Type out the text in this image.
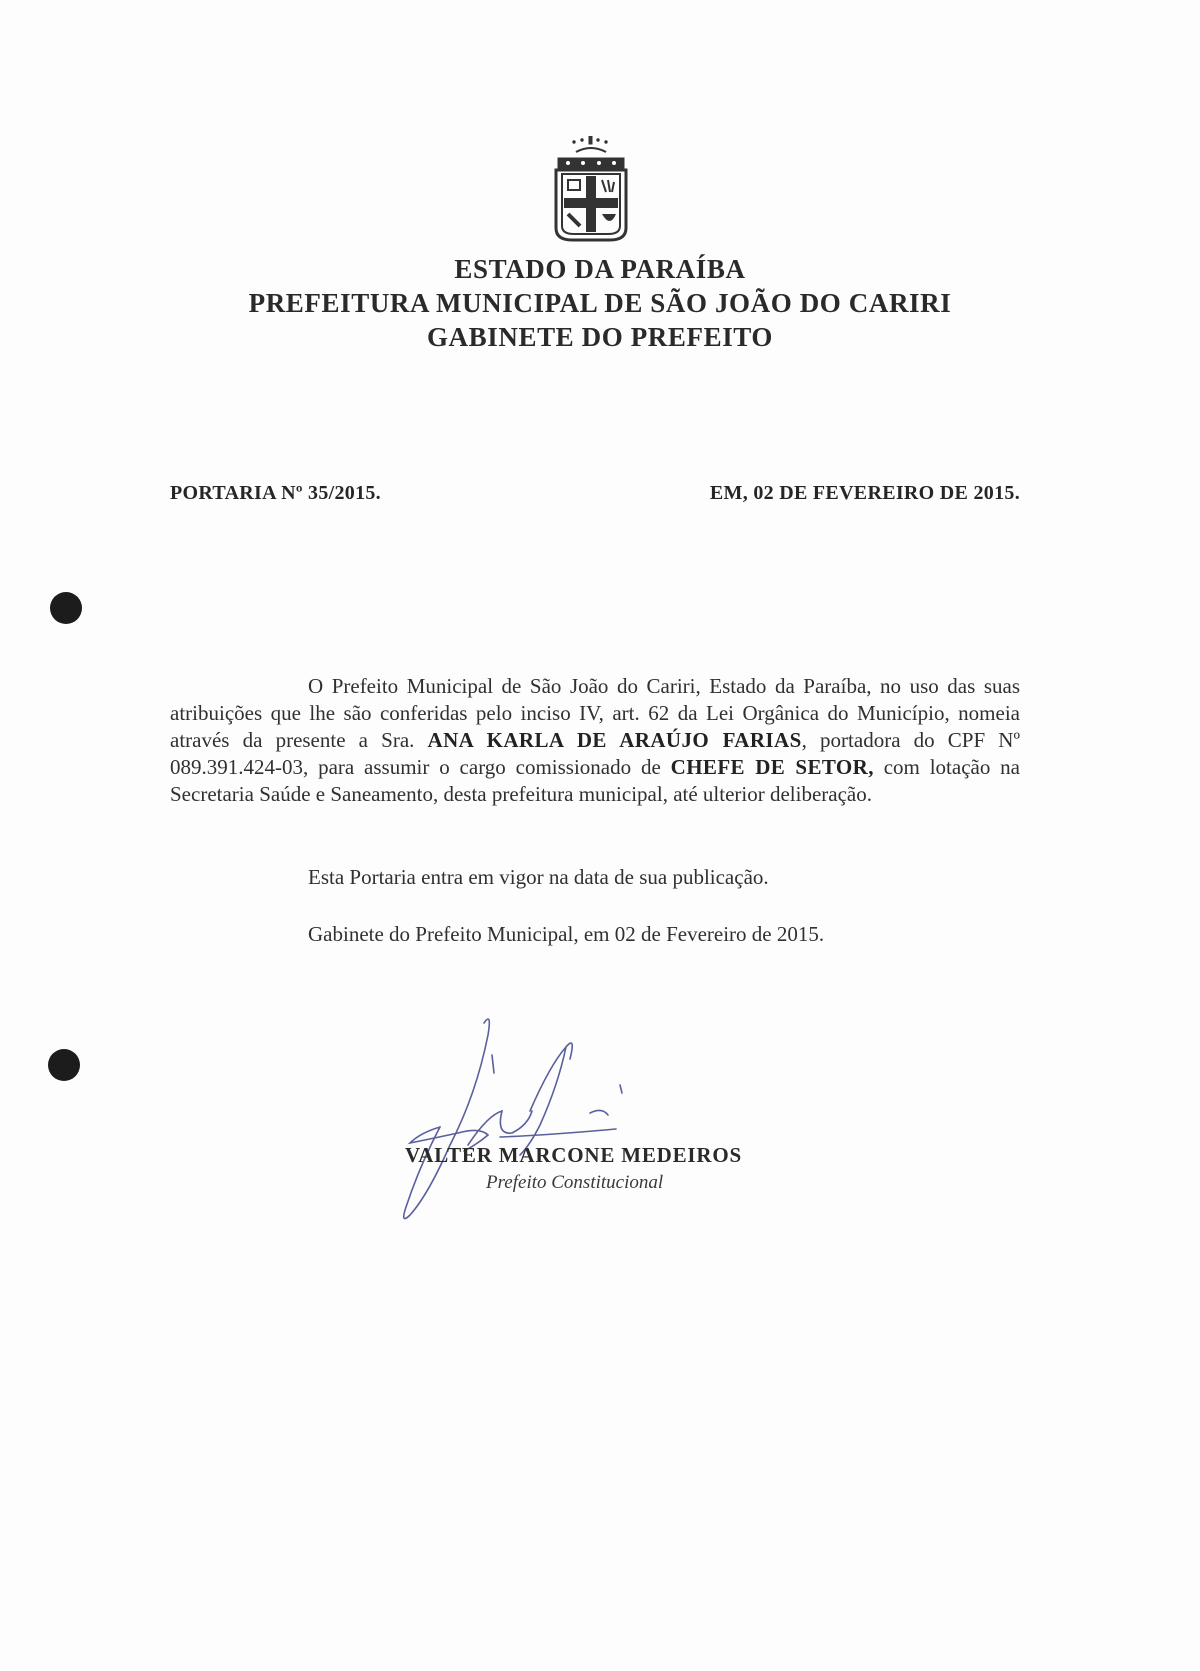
ESTADO DA PARAÍBA
PREFEITURA MUNICIPAL DE SÃO JOÃO DO CARIRI
GABINETE DO PREFEITO
PORTARIA Nº 35/2015.	EM, 02 DE FEVEREIRO DE 2015.

O Prefeito Municipal de São João do Cariri, Estado da Paraíba, no uso das suas atribuições que lhe são conferidas pelo inciso IV, art. 62 da Lei Orgânica do Município, nomeia através da presente a Sra. ANA KARLA DE ARAÚJO FARIAS, portadora do CPF Nº 089.391.424-03, para assumir o cargo comissionado de CHEFE DE SETOR, com lotação na Secretaria Saúde e Saneamento, desta prefeitura municipal, até ulterior deliberação.

Esta Portaria entra em vigor na data de sua publicação.
Gabinete do Prefeito Municipal, em 02 de Fevereiro de 2015.
VALTER MARCONE MEDEIROS
Prefeito Constitucional
